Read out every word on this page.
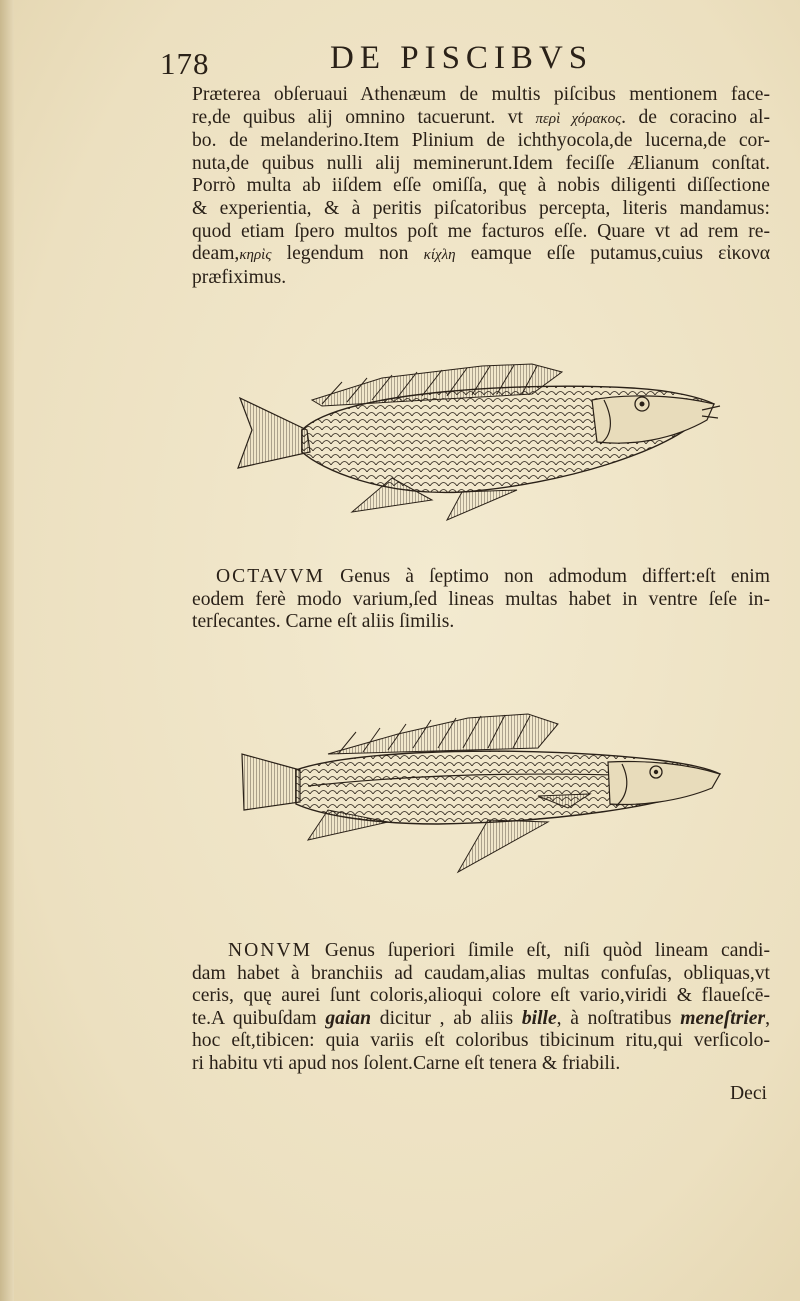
178	DE PISCIBVS
Præterea obſeruaui Athenæum de multis piſcibus mentionem face-
re,de quibus alij omnino tacuerunt. vt περὶ χόρακος. de coracino al-
bo. de melanderino.Item Plinium de ichthyocola,de lucerna,de cor-
nuta,de quibus nulli alij meminerunt.Idem feciſſe Ælianum conſtat.
Porrò multa ab iiſdem eſſe omiſſa, quę à nobis diligenti diſſectione
& experientia, & à peritis piſcatoribus percepta, literis mandamus:
quod etiam ſpero multos poſt me facturos eſſe. Quare vt ad rem re-
deam,κηρὶς legendum non κίχλη eamque eſſe putamus,cuius εἰκονα
præfiximus.
OCTAVVM Genus à ſeptimo non admodum differt:eſt enim
eodem ferè modo varium,ſed lineas multas habet in ventre ſeſe in-
terſecantes. Carne eſt aliis ſimilis.
NONVM Genus ſuperiori ſimile eſt, niſi quòd lineam candi-
dam habet à branchiis ad caudam,alias multas confuſas, obliquas,vt
ceris, quę aurei ſunt coloris,alioqui colore eſt vario,viridi & flaueſcē-
te.A quibuſdam gaian dicitur , ab aliis bille, à noſtratibus meneſtrier,
hoc eſt,tibicen: quia variis eſt coloribus tibicinum ritu,qui verſicolo-
ri habitu vti apud nos ſolent.Carne eſt tenera & friabili.
Deci
